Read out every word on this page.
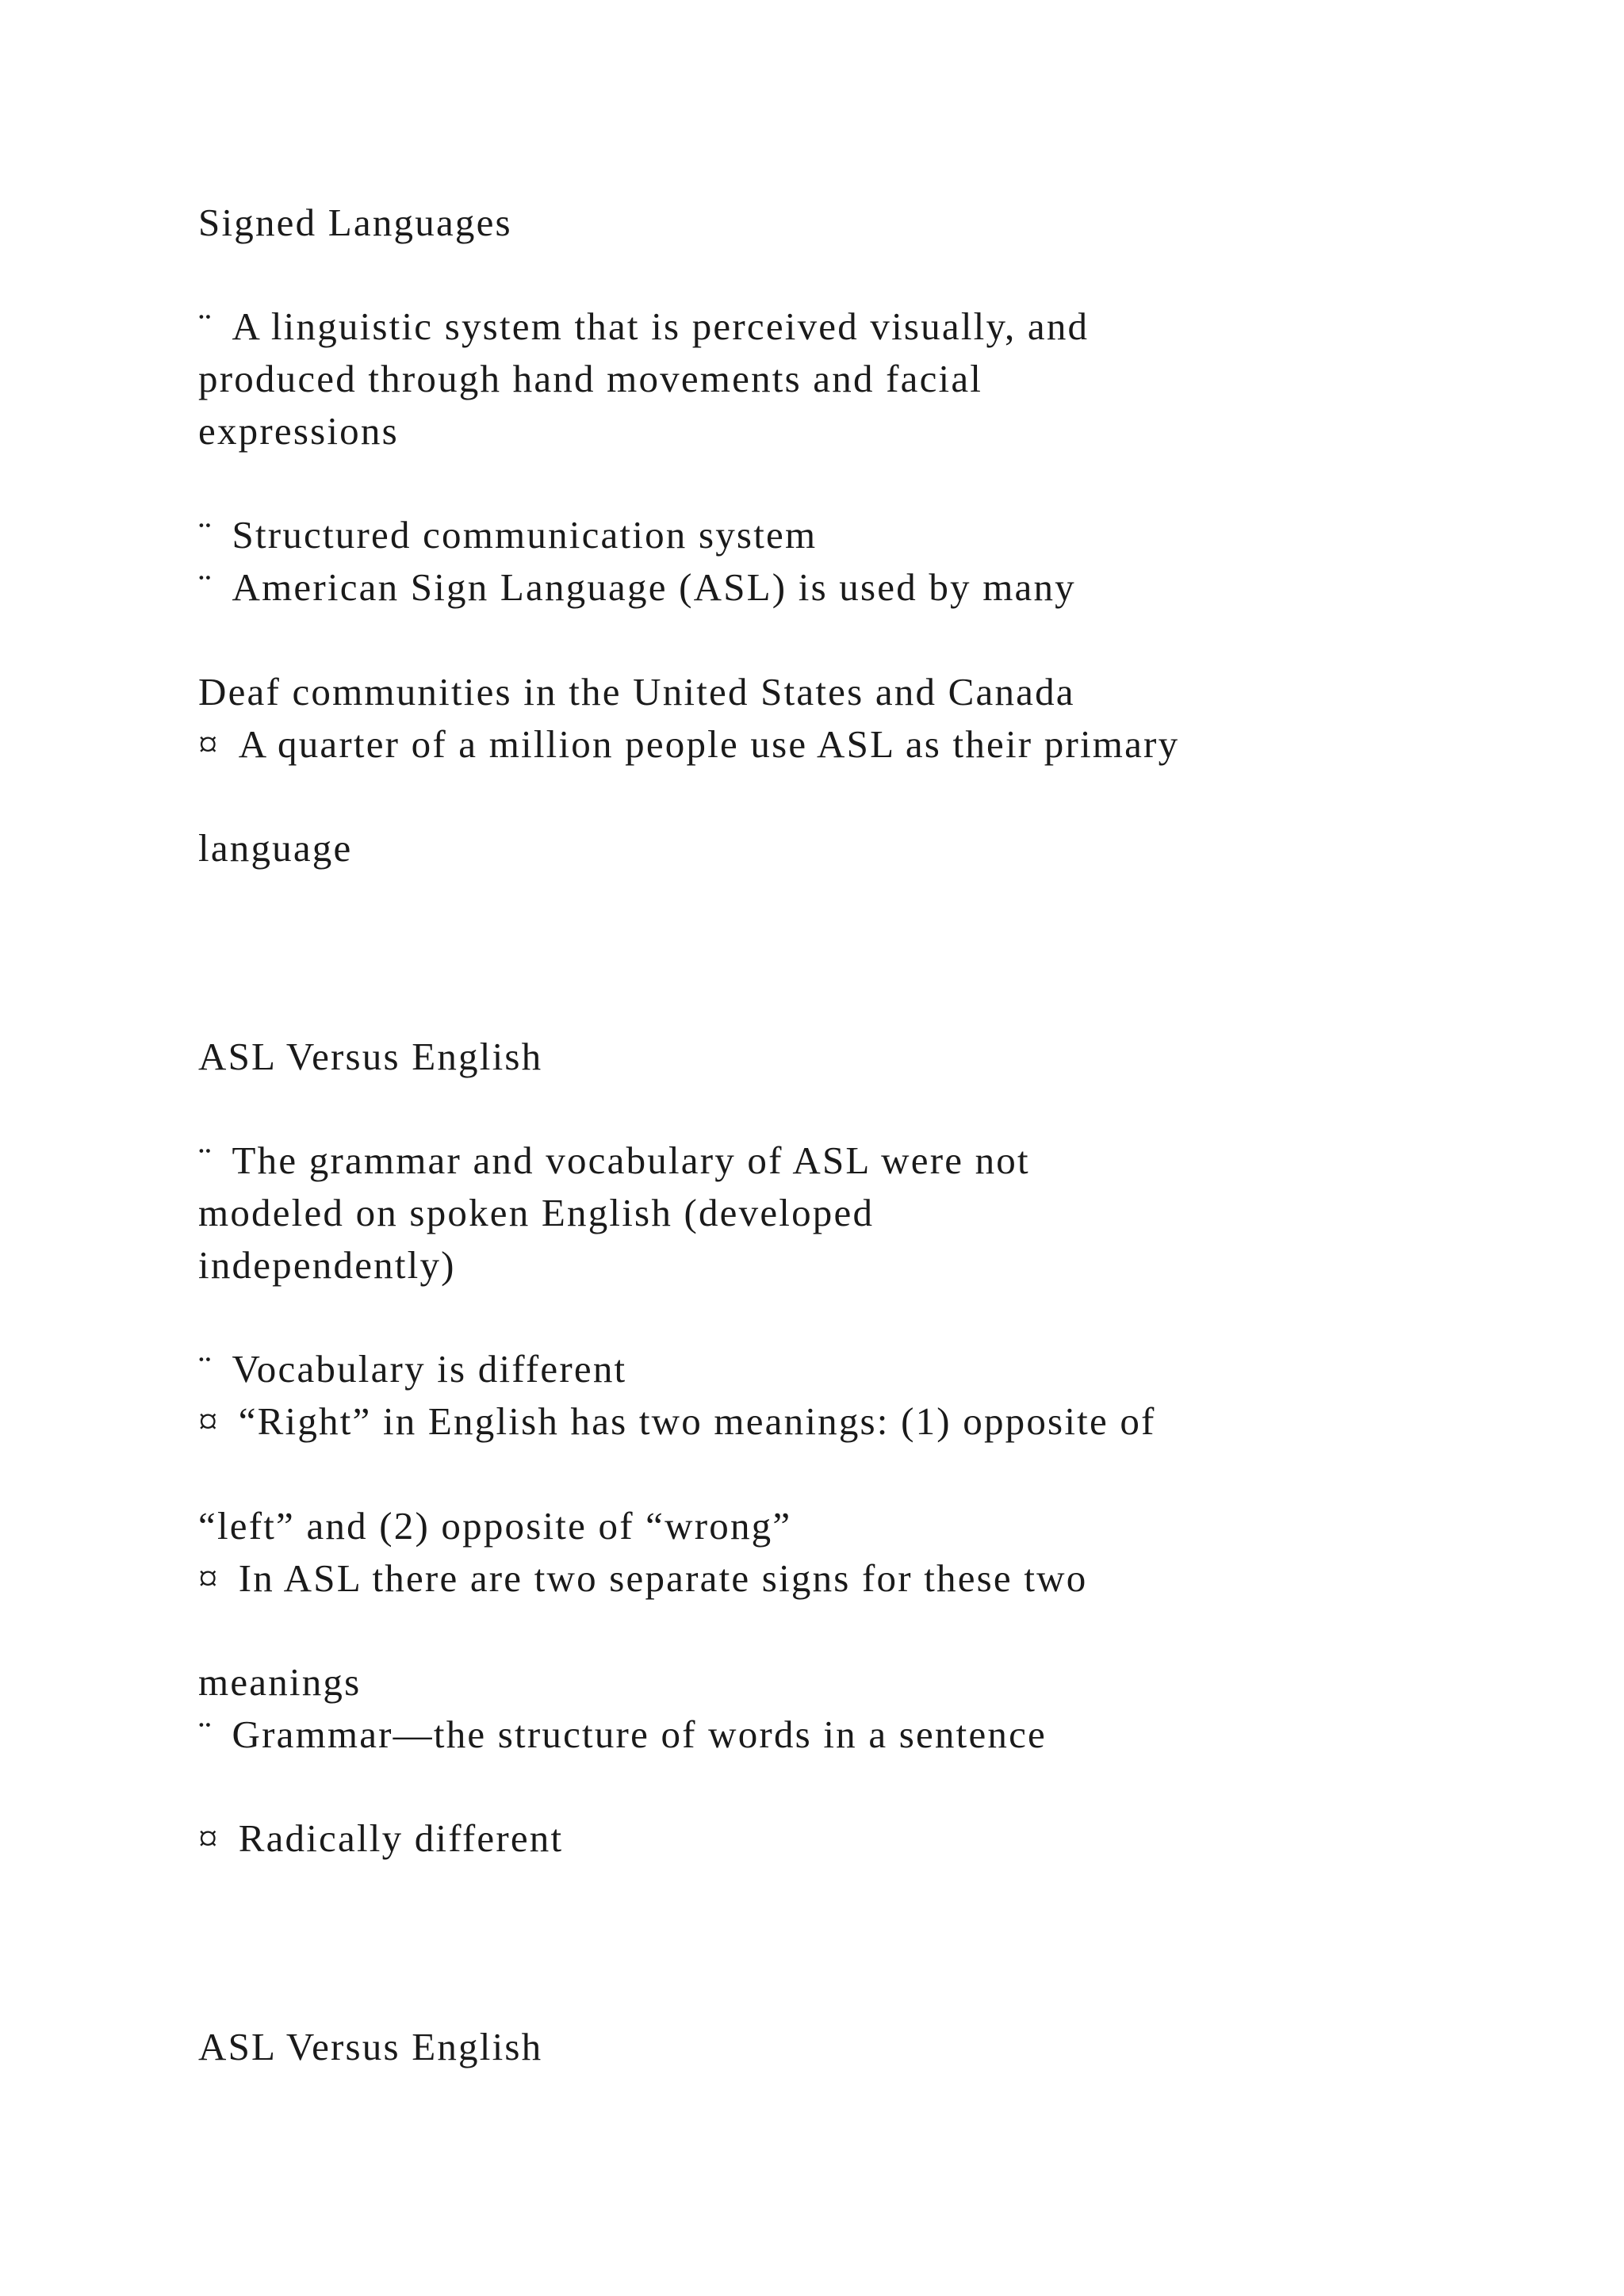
Signed Languages

¨ A linguistic system that is perceived visually, and

produced through hand movements and facial

expressions

¨ Structured communication system

¨ American Sign Language (ASL) is used by many

Deaf communities in the United States and Canada

¤ A quarter of a million people use ASL as their primary

language

ASL Versus English

¨ The grammar and vocabulary of ASL were not

modeled on spoken English (developed

independently)

¨ Vocabulary is different

¤ “Right” in English has two meanings: (1) opposite of

“left” and (2) opposite of “wrong”

¤ In ASL there are two separate signs for these two

meanings

¨ Grammar—the structure of words in a sentence

¤ Radically different

ASL Versus English
